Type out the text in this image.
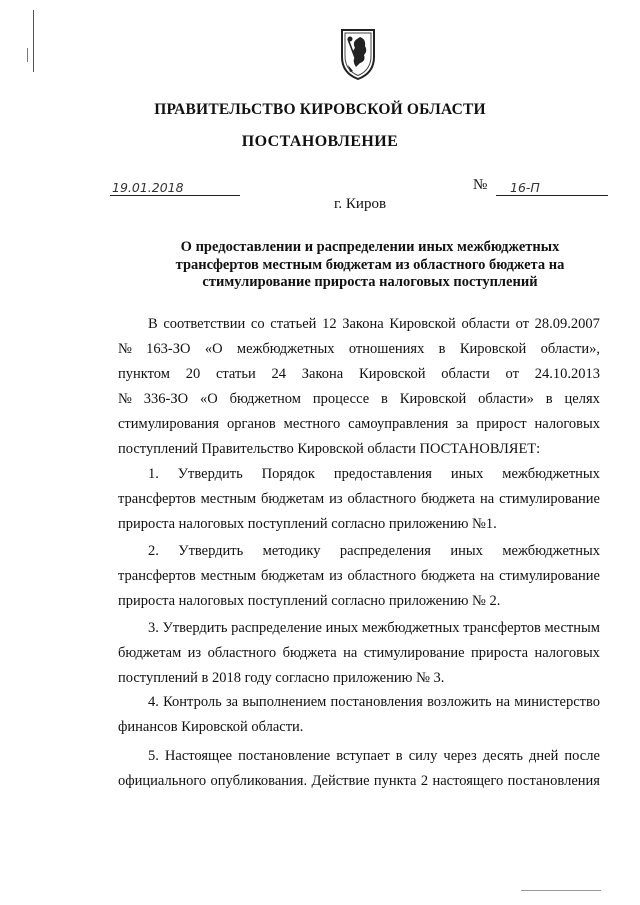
ПРАВИТЕЛЬСТВО КИРОВСКОЙ ОБЛАСТИ
ПОСТАНОВЛЕНИЕ
19.01.2018	№	16-П
г. Киров
О предоставлении и распределении иных межбюджетных
трансфертов местным бюджетам из областного бюджета на
стимулирование прироста налоговых поступлений
В соответствии со статьей 12 Закона Кировской области от 28.09.2007
№ 163-ЗО «О межбюджетных отношениях в Кировской области»,
пунктом 20 статьи 24 Закона Кировской области от 24.10.2013
№ 336-ЗО «О бюджетном процессе в Кировской области» в целях
стимулирования органов местного самоуправления за прирост налоговых
поступлений Правительство Кировской области ПОСТАНОВЛЯЕТ:
1. Утвердить Порядок предоставления иных межбюджетных
трансфертов местным бюджетам из областного бюджета на стимулирование
прироста налоговых поступлений согласно приложению №1.
2. Утвердить методику распределения иных межбюджетных
трансфертов местным бюджетам из областного бюджета на стимулирование
прироста налоговых поступлений согласно приложению № 2.
3. Утвердить распределение иных межбюджетных трансфертов местным
бюджетам из областного бюджета на стимулирование прироста налоговых
поступлений в 2018 году согласно приложению № 3.
4. Контроль за выполнением постановления возложить на министерство
финансов Кировской области.
5. Настоящее постановление вступает в силу через десять дней после
официального опубликования. Действие пункта 2 настоящего постановления
